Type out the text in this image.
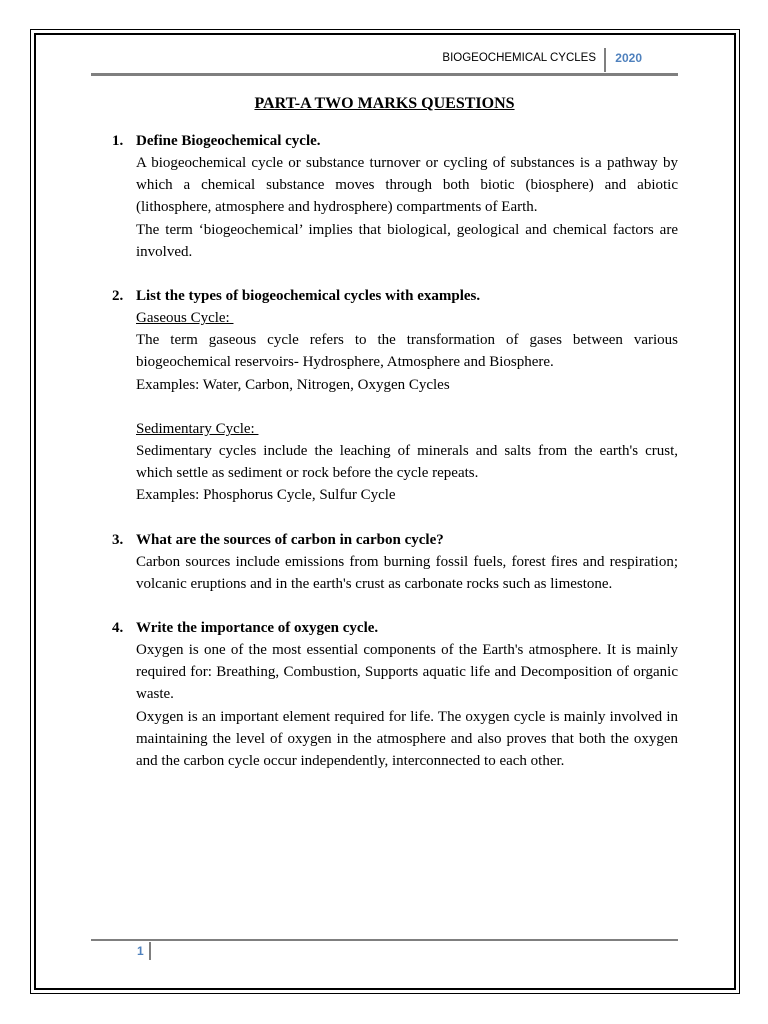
BIOGEOCHEMICAL CYCLES 2020
PART-A TWO MARKS QUESTIONS
1. Define Biogeochemical cycle.

A biogeochemical cycle or substance turnover or cycling of substances is a pathway by which a chemical substance moves through both biotic (biosphere) and abiotic (lithosphere, atmosphere and hydrosphere) compartments of Earth.

The term ‘biogeochemical’ implies that biological, geological and chemical factors are involved.

2. List the types of biogeochemical cycles with examples.

Gaseous Cycle:

The term gaseous cycle refers to the transformation of gases between various biogeochemical reservoirs- Hydrosphere, Atmosphere and Biosphere.

Examples: Water, Carbon, Nitrogen, Oxygen Cycles

Sedimentary Cycle:

Sedimentary cycles include the leaching of minerals and salts from the earth's crust, which settle as sediment or rock before the cycle repeats.

Examples: Phosphorus Cycle, Sulfur Cycle

3. What are the sources of carbon in carbon cycle?

Carbon sources include emissions from burning fossil fuels, forest fires and respiration; volcanic eruptions and in the earth's crust as carbonate rocks such as limestone.

4. Write the importance of oxygen cycle.

Oxygen is one of the most essential components of the Earth's atmosphere. It is mainly required for: Breathing, Combustion, Supports aquatic life and Decomposition of organic waste.

Oxygen is an important element required for life. The oxygen cycle is mainly involved in maintaining the level of oxygen in the atmosphere and also proves that both the oxygen and the carbon cycle occur independently, interconnected to each other.

1
